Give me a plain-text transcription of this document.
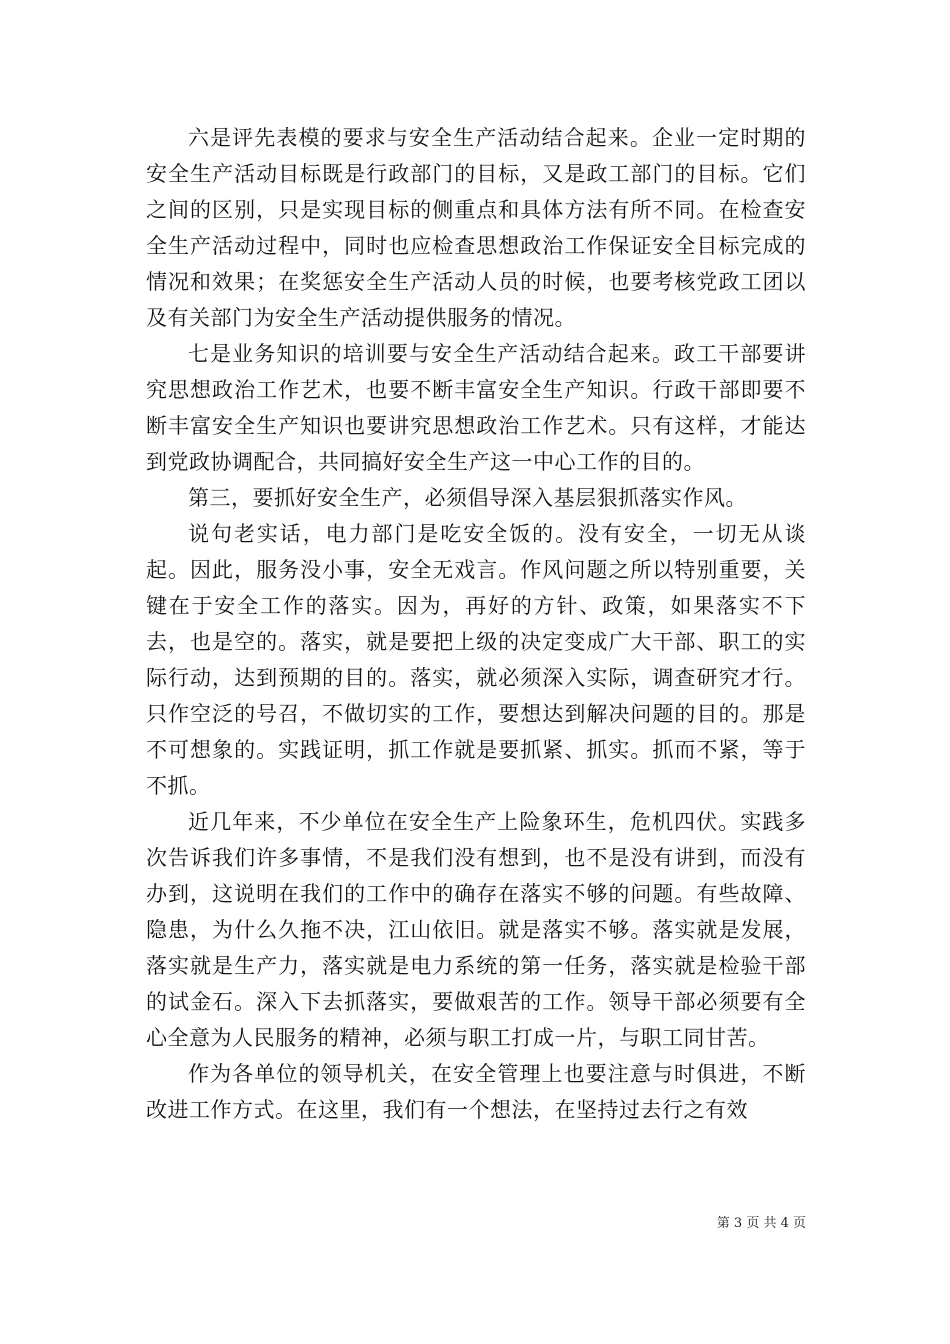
六是评先表模的要求与安全生产活动结合起来。企业一定时期的安全生产活动目标既是行政部门的目标，又是政工部门的目标。它们之间的区别，只是实现目标的侧重点和具体方法有所不同。在检查安全生产活动过程中，同时也应检查思想政治工作保证安全目标完成的情况和效果；在奖惩安全生产活动人员的时候，也要考核党政工团以及有关部门为安全生产活动提供服务的情况。

七是业务知识的培训要与安全生产活动结合起来。政工干部要讲究思想政治工作艺术，也要不断丰富安全生产知识。行政干部即要不断丰富安全生产知识也要讲究思想政治工作艺术。只有这样，才能达到党政协调配合，共同搞好安全生产这一中心工作的目的。

第三，要抓好安全生产，必须倡导深入基层狠抓落实作风。

说句老实话，电力部门是吃安全饭的。没有安全，一切无从谈起。因此，服务没小事，安全无戏言。作风问题之所以特别重要，关键在于安全工作的落实。因为，再好的方针、政策，如果落实不下去，也是空的。落实，就是要把上级的决定变成广大干部、职工的实际行动，达到预期的目的。落实，就必须深入实际，调查研究才行。只作空泛的号召，不做切实的工作，要想达到解决问题的目的。那是不可想象的。实践证明，抓工作就是要抓紧、抓实。抓而不紧，等于不抓。

近几年来，不少单位在安全生产上险象环生，危机四伏。实践多次告诉我们许多事情，不是我们没有想到，也不是没有讲到，而没有办到，这说明在我们的工作中的确存在落实不够的问题。有些故障、隐患，为什么久拖不决，江山依旧。就是落实不够。落实就是发展，落实就是生产力，落实就是电力系统的第一任务，落实就是检验干部的试金石。深入下去抓落实，要做艰苦的工作。领导干部必须要有全心全意为人民服务的精神，必须与职工打成一片，与职工同甘苦。

作为各单位的领导机关，在安全管理上也要注意与时俱进，不断改进工作方式。在这里，我们有一个想法，在坚持过去行之有效

第 3 页 共 4 页
